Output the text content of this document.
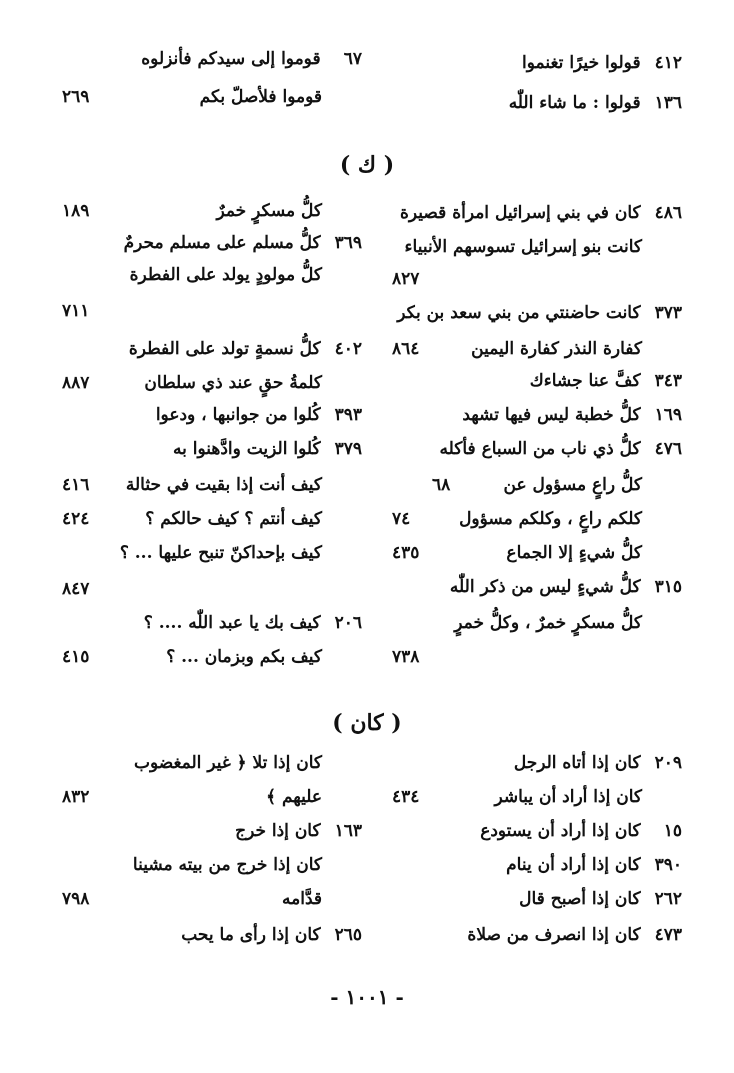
٤١٢ قولوا خيرًا تغنموا
١٣٦ قولوا : ما شاء اللّٰه
٦٧ قوموا إلى سيدكم فأنزلوه
قوموا فلأصلّ بكم
٢٦٩
( ك )
٤٨٦ كان في بني إسرائيل امرأة قصيرة
كانت بنو إسرائيل تسوسهم الأنبياء
٨٢٧
٣٧٣ كانت حاضنتي من بني سعد بن بكر
كفارة النذر كفارة اليمين
٨٦٤
٣٤٣ كفَّ عنا جشاءك
١٦٩ كلُّ خطبة ليس فيها تشهد
٤٧٦ كلُّ ذي ناب من السباع فأكله
كلُّ راعٍ مسؤول عن
٦٨
كلكم راعٍ ، وكلكم مسؤول
٧٤
كلُّ شيءٍ إلا الجماع
٤٣٥
٣١٥ كلُّ شيءٍ ليس من ذكر اللّٰه
كلُّ مسكرٍ خمرٌ ، وكلُّ خمرٍ
٧٣٨
كلُّ مسكرٍ خمرٌ
١٨٩
٣٦٩ كلُّ مسلم على مسلم محرمٌ
كلُّ مولودٍ يولد على الفطرة
٧١١
٤٠٢ كلُّ نسمةٍ تولد على الفطرة
كلمةُ حقٍ عند ذي سلطان
٨٨٧
٣٩٣ كُلوا من جوانبها ، ودعوا
٣٧٩ كُلوا الزيت وادَّهنوا به
كيف أنت إذا بقيت في حثالة
٤١٦
كيف أنتم ؟ كيف حالكم ؟
٤٢٤
كيف بإحداكنّ تنبح عليها ... ؟
٨٤٧
٢٠٦ كيف بك يا عبد اللّٰه .... ؟
كيف بكم وبزمان ... ؟
٤١٥
( كان )
٢٠٩ كان إذا أتاه الرجل
كان إذا أراد أن يباشر
٤٣٤
١٥ كان إذا أراد أن يستودع
٣٩٠ كان إذا أراد أن ينام
٢٦٢ كان إذا أصبح قال
٤٧٣ كان إذا انصرف من صلاة
كان إذا تلا ﴿ غير المغضوب
عليهم ﴾
٨٣٢
١٦٣ كان إذا خرج
كان إذا خرج من بيته مشينا
قدَّامه
٧٩٨
٢٦٥ كان إذا رأى ما يحب
- ١٠٠١ -
